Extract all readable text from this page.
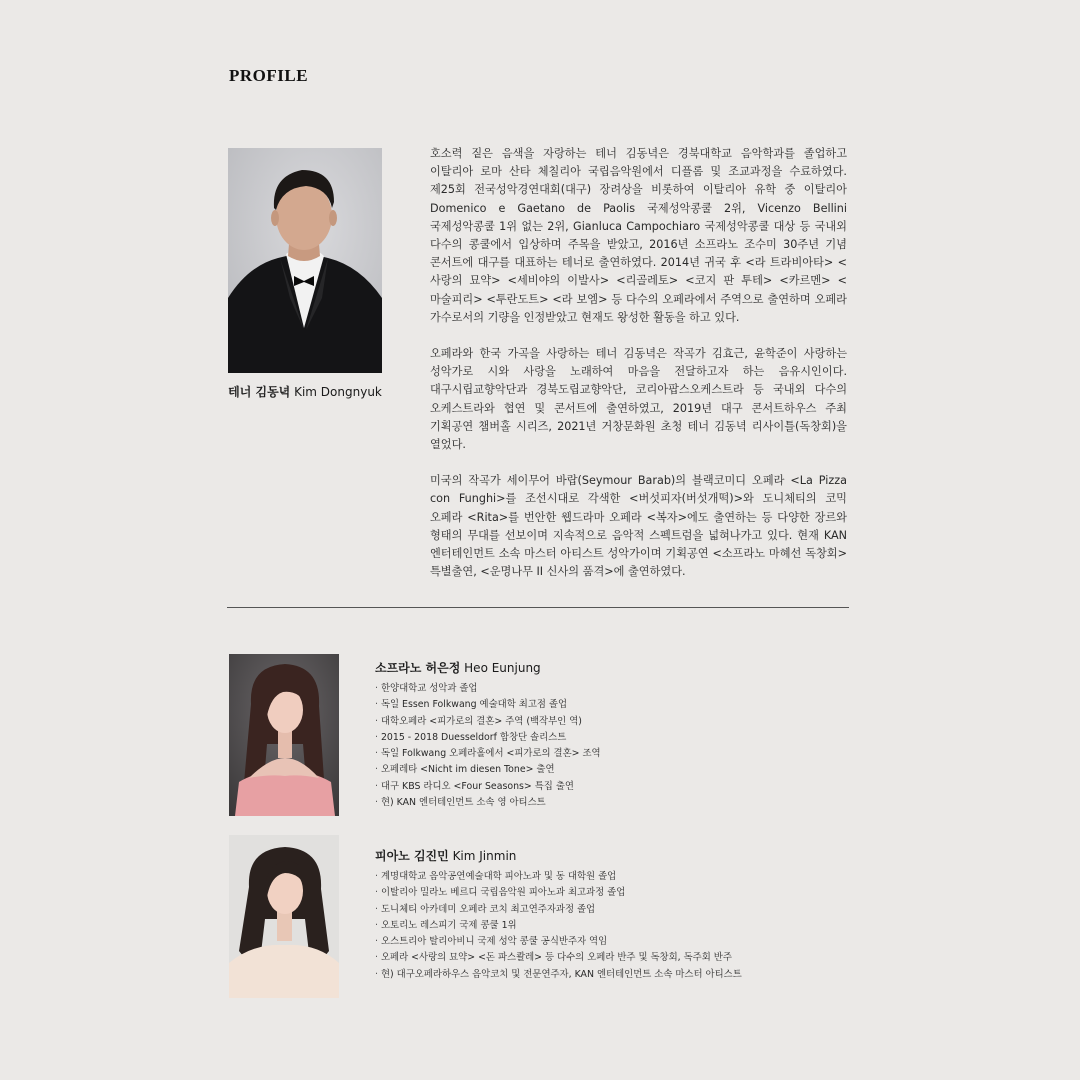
PROFILE
테너 김동녁 Kim Dongnyuk

호소력 짙은 음색을 자랑하는 테너 김동녁은 경북대학교 음악학과를 졸업하고 이탈리아 로마 산타 체칠리아 국립음악원에서 디플롬 및 조교과정을 수료하였다. 제25회 전국성악경연대회(대구) 장려상을 비롯하여 이탈리아 유학 중 이탈리아 Domenico e Gaetano de Paolis 국제성악콩쿨 2위, Vicenzo Bellini 국제성악콩쿨 1위 없는 2위, Gianluca Campochiaro 국제성악콩쿨 대상 등 국내외 다수의 콩쿨에서 입상하며 주목을 받았고, 2016년 소프라노 조수미 30주년 기념 콘서트에 대구를 대표하는 테너로 출연하였다. 2014년 귀국 후 <라 트라비아타> <사랑의 묘약> <세비야의 이발사> <리골레토> <코지 판 투테> <카르멘> <마술피리> <투란도트> <라 보엠> 등 다수의 오페라에서 주역으로 출연하며 오페라 가수로서의 기량을 인정받았고 현재도 왕성한 활동을 하고 있다.

오페라와 한국 가곡을 사랑하는 테너 김동녁은 작곡가 김효근, 윤학준이 사랑하는 성악가로 시와 사랑을 노래하여 마음을 전달하고자 하는 음유시인이다. 대구시립교향악단과 경북도립교향악단, 코리아팝스오케스트라 등 국내외 다수의 오케스트라와 협연 및 콘서트에 출연하였고, 2019년 대구 콘서트하우스 주최 기획공연 챔버홀 시리즈, 2021년 거창문화원 초청 테너 김동녁 리사이틀(독창회)을 열었다.

미국의 작곡가 세이무어 바랍(Seymour Barab)의 블랙코미디 오페라 <La Pizza con Funghi>를 조선시대로 각색한 <버섯피자(버섯개떡)>와 도니체티의 코믹 오페라 <Rita>를 번안한 웹드라마 오페라 <복자>에도 출연하는 등 다양한 장르와 형태의 무대를 선보이며 지속적으로 음악적 스펙트럼을 넓혀나가고 있다. 현재 KAN 엔터테인먼트 소속 마스터 아티스트 성악가이며 기획공연 <소프라노 마혜선 독창회> 특별출연, <운명나무 II 신사의 품격>에 출연하였다.

소프라노 허은정 Heo Eunjung
· 한양대학교 성악과 졸업
· 독일 Essen Folkwang 예술대학 최고점 졸업
· 대학오페라 <피가로의 결혼> 주역 (백작부인 역)
· 2015 - 2018 Duesseldorf 합창단 솔리스트
· 독일 Folkwang 오페라홀에서 <피가로의 결혼> 조역
· 오페레타 <Nicht im diesen Tone> 출연
· 대구 KBS 라디오 <Four Seasons> 특집 출연
· 현) KAN 엔터테인먼트 소속 영 아티스트
피아노 김진민 Kim Jinmin
· 계명대학교 음악공연예술대학 피아노과 및 동 대학원 졸업
· 이탈리아 밀라노 베르디 국립음악원 피아노과 최고과정 졸업
· 도니체티 아카데미 오페라 코치 최고연주자과정 졸업
· 오토리노 레스피기 국제 콩쿨 1위
· 오스트리아 탈리아비니 국제 성악 콩쿨 공식반주자 역임
· 오페라 <사랑의 묘약> <돈 파스콸레> 등 다수의 오페라 반주 및 독창회, 독주회 반주
· 현) 대구오페라하우스 음악코치 및 전문연주자, KAN 엔터테인먼트 소속 마스터 아티스트
